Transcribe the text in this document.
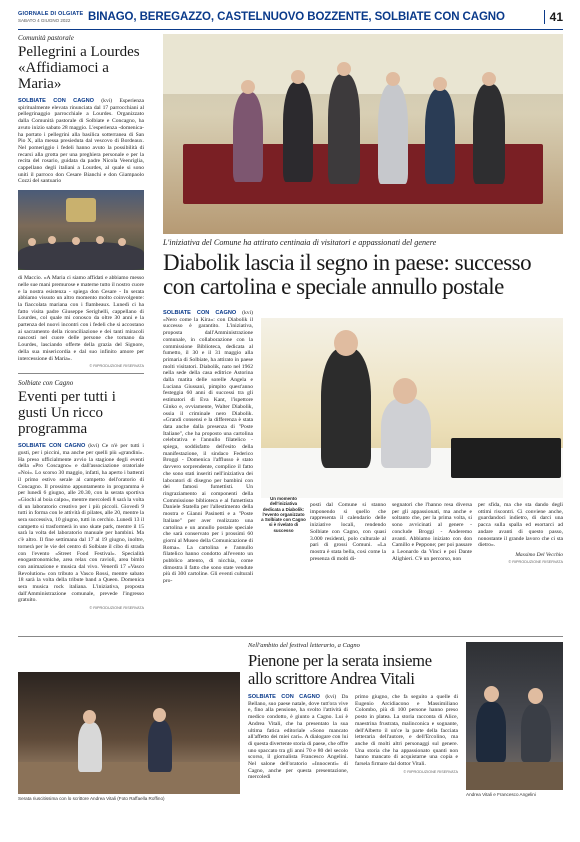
GIORNALE DI OLGIATE
SABATO 4 GIUGNO 2022	BINAGO, BEREGAZZO, CASTELNUOVO BOZZENTE, SOLBIATE CON CAGNO	41
Comunità pastorale
Pellegrini a Lourdes «Affidiamoci a Maria»

SOLBIATE CON CAGNO (kvi) Esperienza spiritualmente elevata rinunciata dal 17 parrocchiani al pellegrinaggio parrocchiale a Lourdes. Organizzato dalla Comunità pastorale di Solbiate e Concagno, ha avuto inizio sabato 28 maggio. L'esperienza -domenica- ha portato i pellegrini alla basilica sotterranea di San Pio X, alla messa presieduta dal vescovo di Bordeaux. Nel pomeriggio i fedeli hanno avuto la possibilità di recarsi alla grotta per una preghiera personale e per la recita del rosario, guidata da padre Nicola Veenriglia, cappellano degli italiani a Lourdes, al quale si sono uniti il parroco don Cesare Bianchi e don Giampaolo Cozzi del santuario

di Maccio. «A Maria ci siamo affidati e abbiamo messo nelle sue mani premurose e materne tutto il nostro cuore e la nostra esistenza - spiega don Cesare - In serata abbiamo vissuto un altro momento molto coinvolgente: la fiaccolata mariana con i flambeaux. Lunedì ci ha fatto visita padre Giuseppe Serighelli, cappellano di Lourdes, col quale mi conosco da oltre 30 anni e la partenza del nuovi incontri con i fedeli che si accostano ai sacramento della riconciliazione e dei tanti miracoli nascosti nel cuore delle persone che tornano da Lourdes, lasciando offerte della grazia del Signore, della sua misericordia e dal suo infinito amore per intercessione di Maria».

© RIPRODUZIONE RISERVATA
Solbiate con Cagno
Eventi per tutti i gusti Un ricco programma

SOLBIATE CON CAGNO (kvi) Ce n'è per tutti i gusti, per i piccini, ma anche per quelli più «grandini». Ha preso ufficialmente avvio la stagione degli eventi della «Pro Coscagno» e dall'associazione oratoriale «Noi». Lo scorso 30 maggio, infatti, ha aperto i battenti il primo estivo serale al campetto dell'oratorio di Concagno. Il prossimo appuntamento in programma è per lunedì 6 giugno, alle 20.30, con la serata sportiva «Giochi al boia calpo», mentre mercoledì 8 sarà la volta di un laboratorio creativo per i più piccoli. Giovedì 9 tutti in forma con le attività di pilates, alle 20, mentre la sera successiva, 10 giugno, tutti in cerchio. Lunedì 13 il campetto si trasformerà in uno skate park, mentre il 15 sarà la volta del laboratorio manuale per bambini. Ma c'è altro. Il fine settimana dal 17 al 19 giugno, inoltre, tornerà per le vie del centro di Solbiate il cibo di strada con l'evento «Street Food Festival». Specialità enogastronomiche, area relax con ravioli, area bimbi con animazione e musica dal vivo. Venerdì 17 «Vasco Revolution» con tributo a Vasco Rossi, mentre sabato 18 sarà la volta della tribute band a Queen. Domenica sera musica rock italiana. L'iniziativa, proposta dall'Amministrazione comunale, prevede l'ingresso gratuito.

© RIPRODUZIONE RISERVATA
L'iniziativa del Comune ha attirato centinaia di visitatori e appassionati del genere
Diabolik lascia il segno in paese: successo con cartolina e speciale annullo postale

SOLBIATE CON CAGNO (kvi) «Nero come la Kira»: con Diabolik il successo è garantito. L'iniziativa, proposta dall'Amministrazione comunale, in collaborazione con la commissione Biblioteca, dedicata al fumetto, il 30 e il 31 maggio alla primaria di Solbiate, ha attirato in paese molti visitatori. Diabolik, nato nel 1962 nella sede della casa editrice Astorina dalla matita delle sorelle Angela e Luciana Giussani, pimpito quest'anno festeggia 60 anni di successi tra gli estimatori di Eva Kant, l'ispettore Ginko e, ovviamente, Walter Diabolik, ossia il criminale nero Diabolik. «Grandi consensi e la differenza è stata data anche dalla presenza di "Poste Italiane", che ha proposto una cartolina celebrativa e l'annullo filatelico - spiega, soddisfatto dell'esito della manifestazione, il sindaco Federico Broggi - Domenica l'afflusso è stato davvero sorprendente, complice il fatto che sono stati inseriti nell'iniziativa dei laboratori di disegno per bambini con dei famosi fumettisti. Un ringraziamento ai componenti della Commissione biblioteca e al fumettista Daniele Statella per l'allestimento della mostra e Gianni Pasinetti e a "Poste Italiane" per aver realizzato una cartolina e un annullo postale speciale che sarà conservato per i prossimi 60 giorni al Museo della Comunicazione di Roma». La cartolina e l'annullo filatelico hanno condotto all'evento un pubblico attento, di nicchia, come dimostra il fatto che sono state vendute più di 300 cartoline. Gli eventi culturali pro-

Un momento dell'iniziativa dedicata a Diabolik: l'evento organizzato a Solbiate con Cagno si è rivelato di successo

posti dal Comune si stanno imponendo sì quello che rappresenta il calendario delle iniziative locali, rendendo Solbiate con Cagno, con quasi 3.000 residenti, polo culturale al pari di grossi Comuni. «La mostra è stata bella, così come la presenza di molti di-

segnatori che l'hanno resa diversa per gli appassionati, ma anche e soltanto che, per la prima volta, si sono avvicinati al genere - conclude Broggi - Anderemo avanti. Abbiamo iniziato con don Camillo e Peppone; per poi passare a Leonardo da Vinci e poi Dante Alighieri. C'è un percorso, non

per sfida, ma che sta dando degli ottimi riscontri. Ci conviene anche, guardandoci indietro, di darci una pacca sulla spalla ed esortarci ad andare avanti di questo passo, nonostante il grande lavoro che ci sta dietro».

Massimo Del Vecchio
© RIPRODUZIONE RISERVATA
Serata riuscitissima con lo scrittore Andrea Vitali (Foto Raffaella Roffino)
Nell'ambito del festival letterario, a Cagno
Pienone per la serata insieme allo scrittore Andrea Vitali

SOLBIATE CON CAGNO (kvi) Da Bellano, suo paese natale, dove tutt'ora vive e, fino alla pensione, ha svolto l'attività di medico condotto, è giunto a Cagno. Lui è Andrea Vitali, che ha presentato la sua ultima fatica editoriale «Sono mancato all'affetto dei miei cari». A dialogare con lui di questa divertente storia di paese, che offre uno spaccato tra gli anni 70 e 80 del secolo scorso, il giornalista Francesco Angelini. Nel salone dell'oratorio «Innocenti» di Cagno, anche per questa presentazione, mercoledì

primo giugno, che fa seguito a quelle di Eugenio Arcidiacono e Massimiliano Colombo, più di 100 persone hanno preso posto in platea. La storia racconta di Alice, maestrina frustrata, malinconica e sognante, dell'Alberto il un'ce la parte della facciata letteraria dell'autore, e dell'Ercolino, ma anche di molti altri personaggi sul genere. Una storia che ha appassionato quanti non hanno mancato di acquistarne una copia e farsela firmare dal dottor Vitali.

© RIPRODUZIONE RISERVATA
Andrea Vitali e Francesco Angelini
